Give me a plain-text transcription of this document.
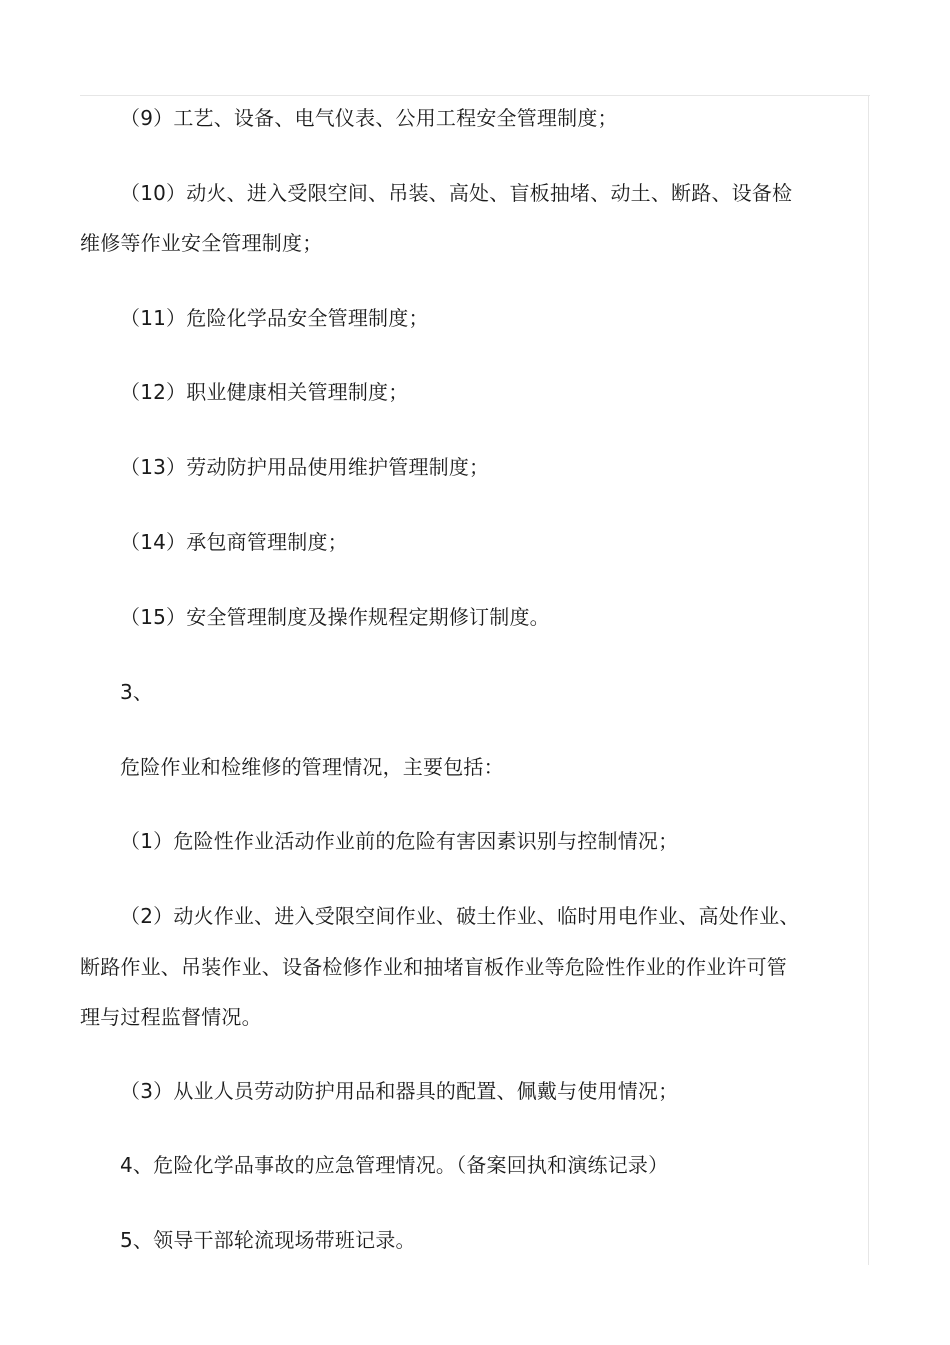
（9）工艺、设备、电气仪表、公用工程安全管理制度；
（10）动火、进入受限空间、吊装、高处、盲板抽堵、动土、断路、设备检
维修等作业安全管理制度；
（11）危险化学品安全管理制度；
（12）职业健康相关管理制度；
（13）劳动防护用品使用维护管理制度；
（14）承包商管理制度；
（15）安全管理制度及操作规程定期修订制度。
3、
危险作业和检维修的管理情况，主要包括：
（1）危险性作业活动作业前的危险有害因素识别与控制情况；
（2）动火作业、进入受限空间作业、破土作业、临时用电作业、高处作业、
断路作业、吊装作业、设备检修作业和抽堵盲板作业等危险性作业的作业许可管
理与过程监督情况。
（3）从业人员劳动防护用品和器具的配置、佩戴与使用情况；
4、危险化学品事故的应急管理情况。（备案回执和演练记录）
5、领导干部轮流现场带班记录。
